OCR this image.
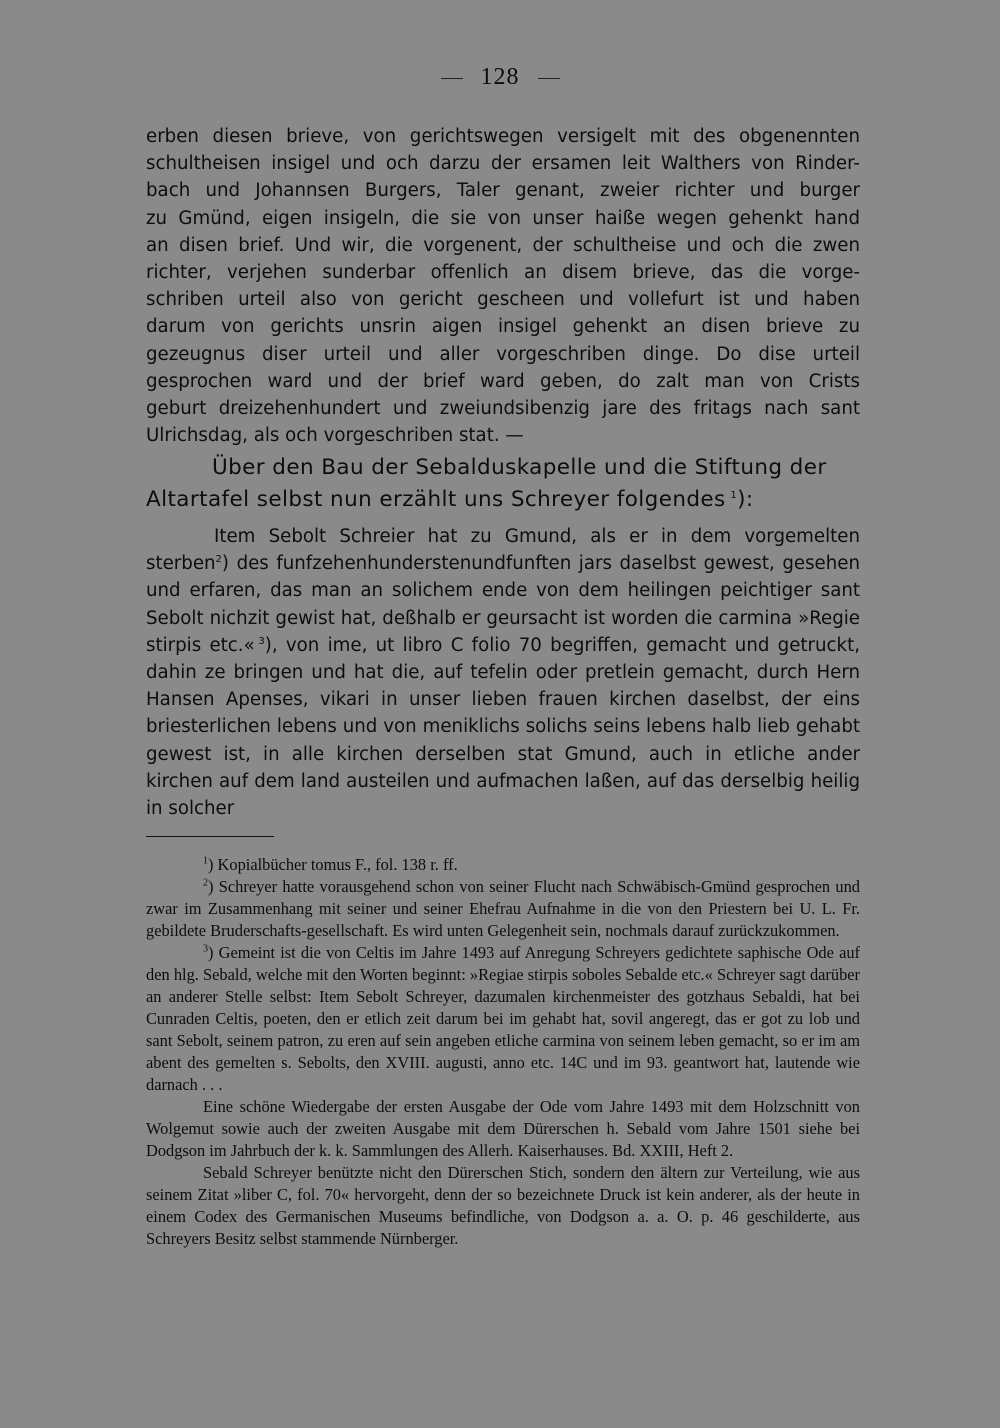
128

erben diesen brieve, von gerichtswegen versigelt mit des obgenennten
schultheisen insigel und och darzu der ersamen leit Walthers von Rinder-
bach und Johannsen Burgers, Taler genant, zweier richter und burger
zu Gmünd, eigen insigeln, die sie von unser haiße wegen gehenkt hand
an disen brief. Und wir, die vorgenent, der schultheise und och die zwen
richter, verjehen sunderbar offenlich an disem brieve, das die vorge-
schriben urteil also von gericht gescheen und vollefurt ist und haben
darum von gerichts unsrin aigen insigel gehenkt an disen brieve zu
gezeugnus diser urteil und aller vorgeschriben dinge. Do dise urteil
gesprochen ward und der brief ward geben, do zalt man von Crists
geburt dreizehenhundert und zweiundsibenzig jare des fritags nach sant
Ulrichsdag, als och vorgeschriben stat. —

Über den Bau der Sebalduskapelle und die Stiftung der
Altartafel selbst nun erzählt uns Schreyer folgendes  $^1$):

Item Sebolt Schreier hat zu Gmund, als er in dem vorgemelten sterben$^2$) des funfzehenhunderstenundfunften jars daselbst gewest, gesehen und erfaren, das man an solichem ende von dem heilingen peichtiger sant Sebolt nichzit gewist hat, deßhalb er geursacht ist worden die carmina »Regie stirpis etc.«  $^3$), von ime, ut libro C folio 70 begriffen, gemacht und getruckt, dahin ze bringen und hat die, auf tefelin oder pretlein gemacht, durch Hern Hansen Apenses, vikari in unser lieben frauen kirchen daselbst, der eins briesterlichen lebens und von meniklichs solichs seins lebens halb lieb gehabt gewest ist, in alle kirchen derselben stat Gmund, auch in etliche ander kirchen auf dem land austeilen und aufmachen laßen, auf das derselbig heilig in solcher

$^1$) Kopialbücher tomus F., fol. 138 r. ff.

$^2$) Schreyer hatte vorausgehend schon von seiner Flucht nach Schwäbisch-Gmünd gesprochen und zwar im Zusammenhang mit seiner und seiner Ehefrau Aufnahme in die von den Priestern bei U. L. Fr. gebildete Bruderschafts-gesellschaft. Es wird unten Gelegenheit sein, nochmals darauf zurückzukommen.

$^3$) Gemeint ist die von Celtis im Jahre 1493 auf Anregung Schreyers gedichtete saphische Ode auf den hlg. Sebald, welche mit den Worten beginnt: »Regiae stirpis soboles Sebalde etc.« Schreyer sagt darüber an anderer Stelle selbst: Item Sebolt Schreyer, dazumalen kirchenmeister des gotzhaus Sebaldi, hat bei Cunraden Celtis, poeten, den er etlich zeit darum bei im gehabt hat, sovil angeregt, das er got zu lob und sant Sebolt, seinem patron, zu eren auf sein angeben etliche carmina von seinem leben gemacht, so er im am abent des gemelten s. Sebolts, den XVIII. augusti, anno etc. 14C und im 93. geantwort hat, lautende wie darnach . . .

Eine schöne Wiedergabe der ersten Ausgabe der Ode vom Jahre 1493 mit dem Holzschnitt von Wolgemut sowie auch der zweiten Ausgabe mit dem Dürerschen h. Sebald vom Jahre 1501 siehe bei Dodgson im Jahrbuch der k. k. Sammlungen des Allerh. Kaiserhauses. Bd. XXIII, Heft 2.

Sebald Schreyer benützte nicht den Dürerschen Stich, sondern den ältern zur Verteilung, wie aus seinem Zitat »liber C, fol. 70« hervorgeht, denn der so bezeichnete Druck ist kein anderer, als der heute in einem Codex des Germanischen Museums befindliche, von Dodgson a. a. O. p. 46 geschilderte, aus Schreyers Besitz selbst stammende Nürnberger.
